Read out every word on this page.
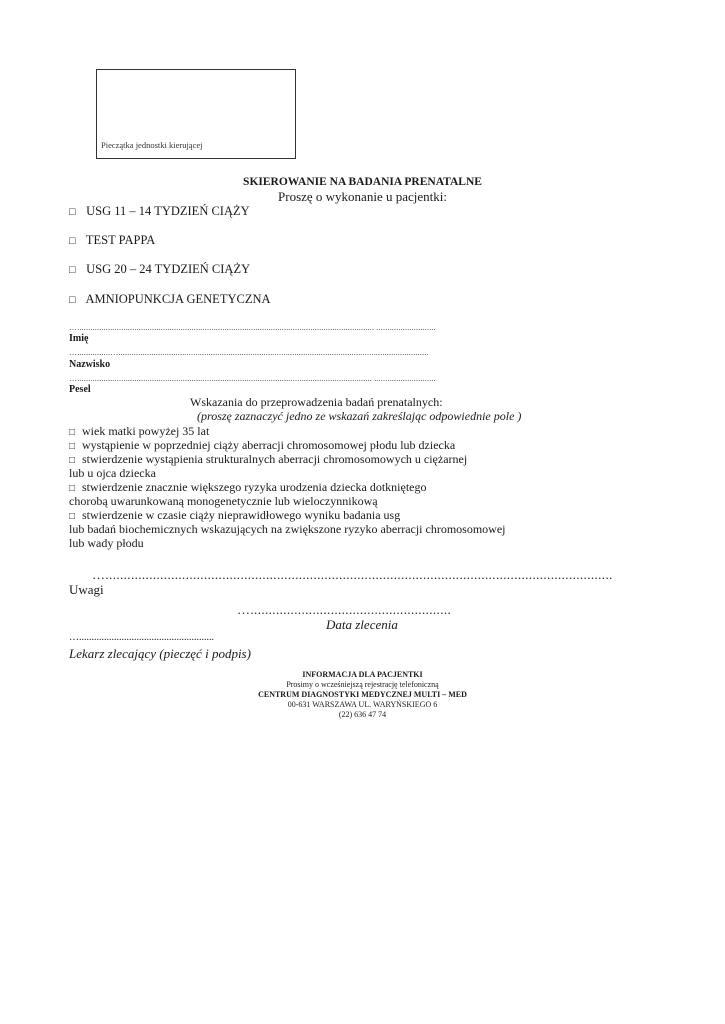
Pieczątka jednostki kierującej
SKIEROWANIE NA BADANIA PRENATALNE
Proszę o wykonanie u pacjentki:
□ USG 11 – 14 TYDZIEŃ CIĄŻY
□ TEST PAPPA
□ USG 20 – 24 TYDZIEŃ CIĄŻY
□ AMNIOPUNKCJA GENETYCZNA
…....................................................................................................................................... ...........................
Imię
…...............….............................................................................................................................................
Nazwisko
…...................................................................................................................................... ............................
Pesel
Wskazania do przeprowadzenia badań prenatalnych:
(proszę zaznaczyć jedno ze wskazań zakreślając odpowiednie pole )
□ wiek matki powyżej 35 lat
□ wystąpienie w poprzedniej ciąży aberracji chromosomowej płodu lub dziecka
□ stwierdzenie wystąpienia strukturalnych aberracji chromosomowych u ciężarnej
lub u ojca dziecka
□ stwierdzenie znacznie większego ryzyka urodzenia dziecka dotkniętego
chorobą uwarunkowaną monogenetycznie lub wieloczynnikową
□ stwierdzenie w czasie ciąży nieprawidłowego wyniku badania usg
lub badań biochemicznych wskazujących na zwiększone ryzyko aberracji chromosomowej
lub wady płodu
…...........................................................................................................................................
Uwagi
….......................................................
Data zlecenia
…......................................................
Lekarz zlecający (pieczęć i podpis)
INFORMACJA DLA PACJENTKI
Prosimy o wcześniejszą rejestrację telefoniczną
CENTRUM DIAGNOSTYKI MEDYCZNEJ MULTI – MED
00-631 WARSZAWA UL. WARYŃSKIEGO 6
(22) 636 47 74
